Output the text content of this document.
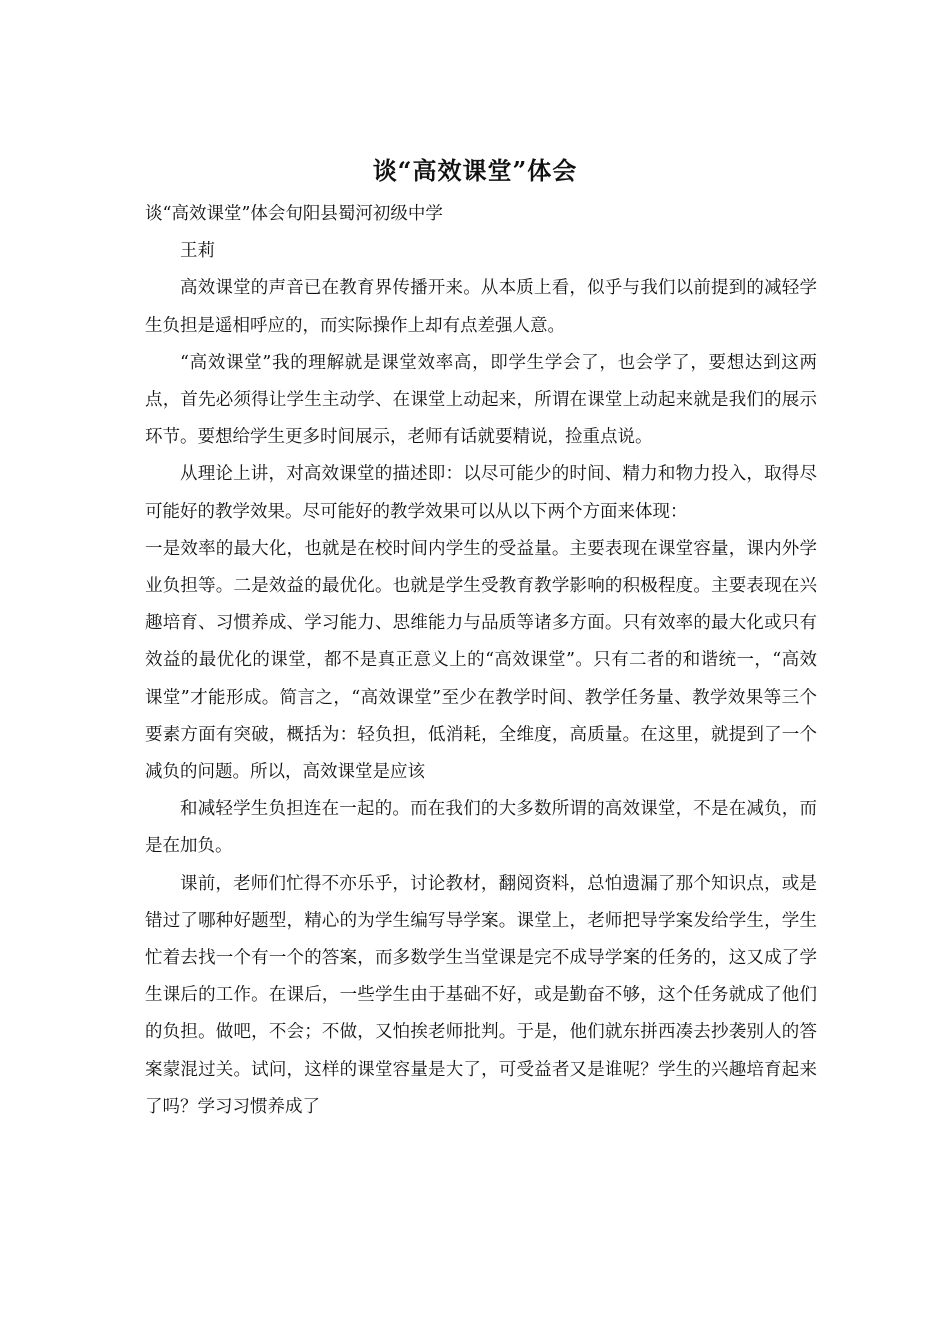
谈“高效课堂”体会

谈“高效课堂”体会旬阳县蜀河初级中学

王莉

高效课堂的声音已在教育界传播开来。从本质上看，似乎与我们以前提到的减轻学生负担是遥相呼应的，而实际操作上却有点差强人意。

“高效课堂”我的理解就是课堂效率高，即学生学会了，也会学了，要想达到这两点，首先必须得让学生主动学、在课堂上动起来，所谓在课堂上动起来就是我们的展示环节。要想给学生更多时间展示，老师有话就要精说，捡重点说。

从理论上讲，对高效课堂的描述即：以尽可能少的时间、精力和物力投入，取得尽可能好的教学效果。尽可能好的教学效果可以从以下两个方面来体现：

一是效率的最大化，也就是在校时间内学生的受益量。主要表现在课堂容量，课内外学业负担等。二是效益的最优化。也就是学生受教育教学影响的积极程度。主要表现在兴趣培育、习惯养成、学习能力、思维能力与品质等诸多方面。只有效率的最大化或只有效益的最优化的课堂，都不是真正意义上的“高效课堂”。只有二者的和谐统一，“高效课堂”才能形成。简言之，“高效课堂”至少在教学时间、教学任务量、教学效果等三个要素方面有突破，概括为：轻负担，低消耗，全维度，高质量。在这里，就提到了一个减负的问题。所以，高效课堂是应该

和减轻学生负担连在一起的。而在我们的大多数所谓的高效课堂，不是在减负，而是在加负。

课前，老师们忙得不亦乐乎，讨论教材，翻阅资料，总怕遗漏了那个知识点，或是错过了哪种好题型，精心的为学生编写导学案。课堂上，老师把导学案发给学生，学生忙着去找一个有一个的答案，而多数学生当堂课是完不成导学案的任务的，这又成了学生课后的工作。在课后，一些学生由于基础不好，或是勤奋不够，这个任务就成了他们的负担。做吧，不会；不做，又怕挨老师批判。于是，他们就东拼西凑去抄袭别人的答案蒙混过关。试问，这样的课堂容量是大了，可受益者又是谁呢？学生的兴趣培育起来了吗？学习习惯养成了
